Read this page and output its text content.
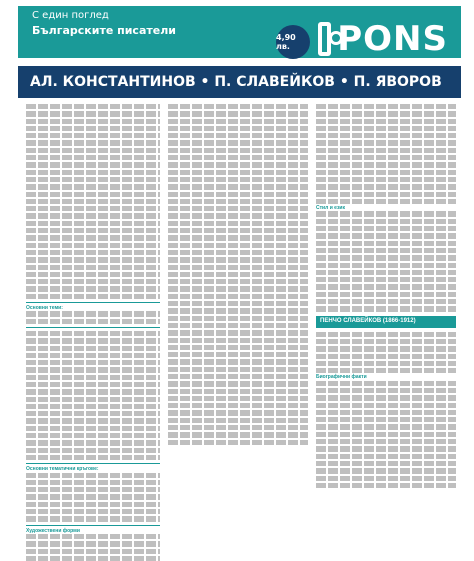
С един поглед
Българските писатели
4,90 лв.	PONS
АЛ. КОНСТАНТИНОВ • П. СЛАВЕЙКОВ • П. ЯВОРОВ
Основни теми:
Основни тематични кръгове:
Художествени форми
Стил и език
ПЕНЧО СЛАВЕЙКОВ (1866-1912)
Биографични факти
